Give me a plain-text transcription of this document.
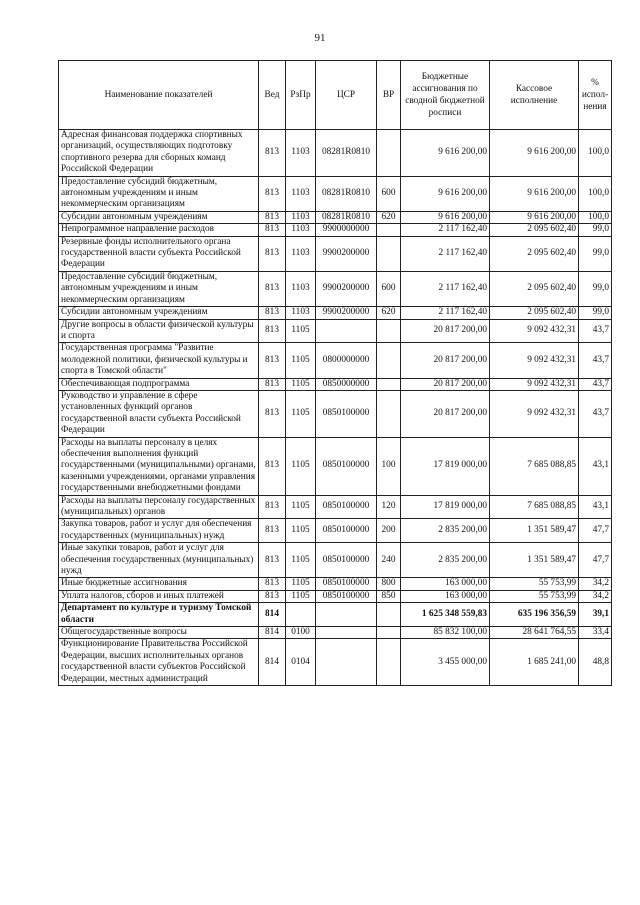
91
Наименование показателей	Вед	РзПр	ЦСР	ВР	Бюджетные ассигнования по сводной бюджетной росписи	Кассовое исполнение	% испол-нения
Адресная финансовая поддержка спортивных организаций, осуществляющих подготовку спортивного резерва для сборных команд Российской Федерации	813	1103	08281R0810		9 616 200,00	9 616 200,00	100,0
Предоставление субсидий бюджетным, автономным учреждениям и иным некоммерческим организациям	813	1103	08281R0810	600	9 616 200,00	9 616 200,00	100,0
Субсидии автономным учреждениям	813	1103	08281R0810	620	9 616 200,00	9 616 200,00	100,0
Непрограммное направление расходов	813	1103	9900000000		2 117 162,40	2 095 602,40	99,0
Резервные фонды исполнительного органа государственной власти субъекта Российской Федерации	813	1103	9900200000		2 117 162,40	2 095 602,40	99,0
Предоставление субсидий бюджетным, автономным учреждениям и иным некоммерческим организациям	813	1103	9900200000	600	2 117 162,40	2 095 602,40	99,0
Субсидии автономным учреждениям	813	1103	9900200000	620	2 117 162,40	2 095 602,40	99,0
Другие вопросы в области физической культуры и спорта	813	1105			20 817 200,00	9 092 432,31	43,7
Государственная программа "Развитие молодежной политики, физической культуры и спорта в Томской области"	813	1105	0800000000		20 817 200,00	9 092 432,31	43,7
Обеспечивающая подпрограмма	813	1105	0850000000		20 817 200,00	9 092 432,31	43,7
Руководство и управление в сфере установленных функций органов государственной власти субъекта Российской Федерации	813	1105	0850100000		20 817 200,00	9 092 432,31	43,7
Расходы на выплаты персоналу в целях обеспечения выполнения функций государственными (муниципальными) органами, казенными учреждениями, органами управления государственными внебюджетными фондами	813	1105	0850100000	100	17 819 000,00	7 685 088,85	43,1
Расходы на выплаты персоналу государственных (муниципальных) органов	813	1105	0850100000	120	17 819 000,00	7 685 088,85	43,1
Закупка товаров, работ и услуг для обеспечения государственных (муниципальных) нужд	813	1105	0850100000	200	2 835 200,00	1 351 589,47	47,7
Иные закупки товаров, работ и услуг для обеспечения государственных (муниципальных) нужд	813	1105	0850100000	240	2 835 200,00	1 351 589,47	47,7
Иные бюджетные ассигнования	813	1105	0850100000	800	163 000,00	55 753,99	34,2
Уплата налогов, сборов и иных платежей	813	1105	0850100000	850	163 000,00	55 753,99	34,2
Департамент по культуре и туризму Томской области	814				1 625 348 559,83	635 196 356,59	39,1
Общегосударственные вопросы	814	0100			85 832 100,00	28 641 764,55	33,4
Функционирование Правительства Российской Федерации, высших исполнительных органов государственной власти субъектов Российской Федерации, местных администраций	814	0104			3 455 000,00	1 685 241,00	48,8
